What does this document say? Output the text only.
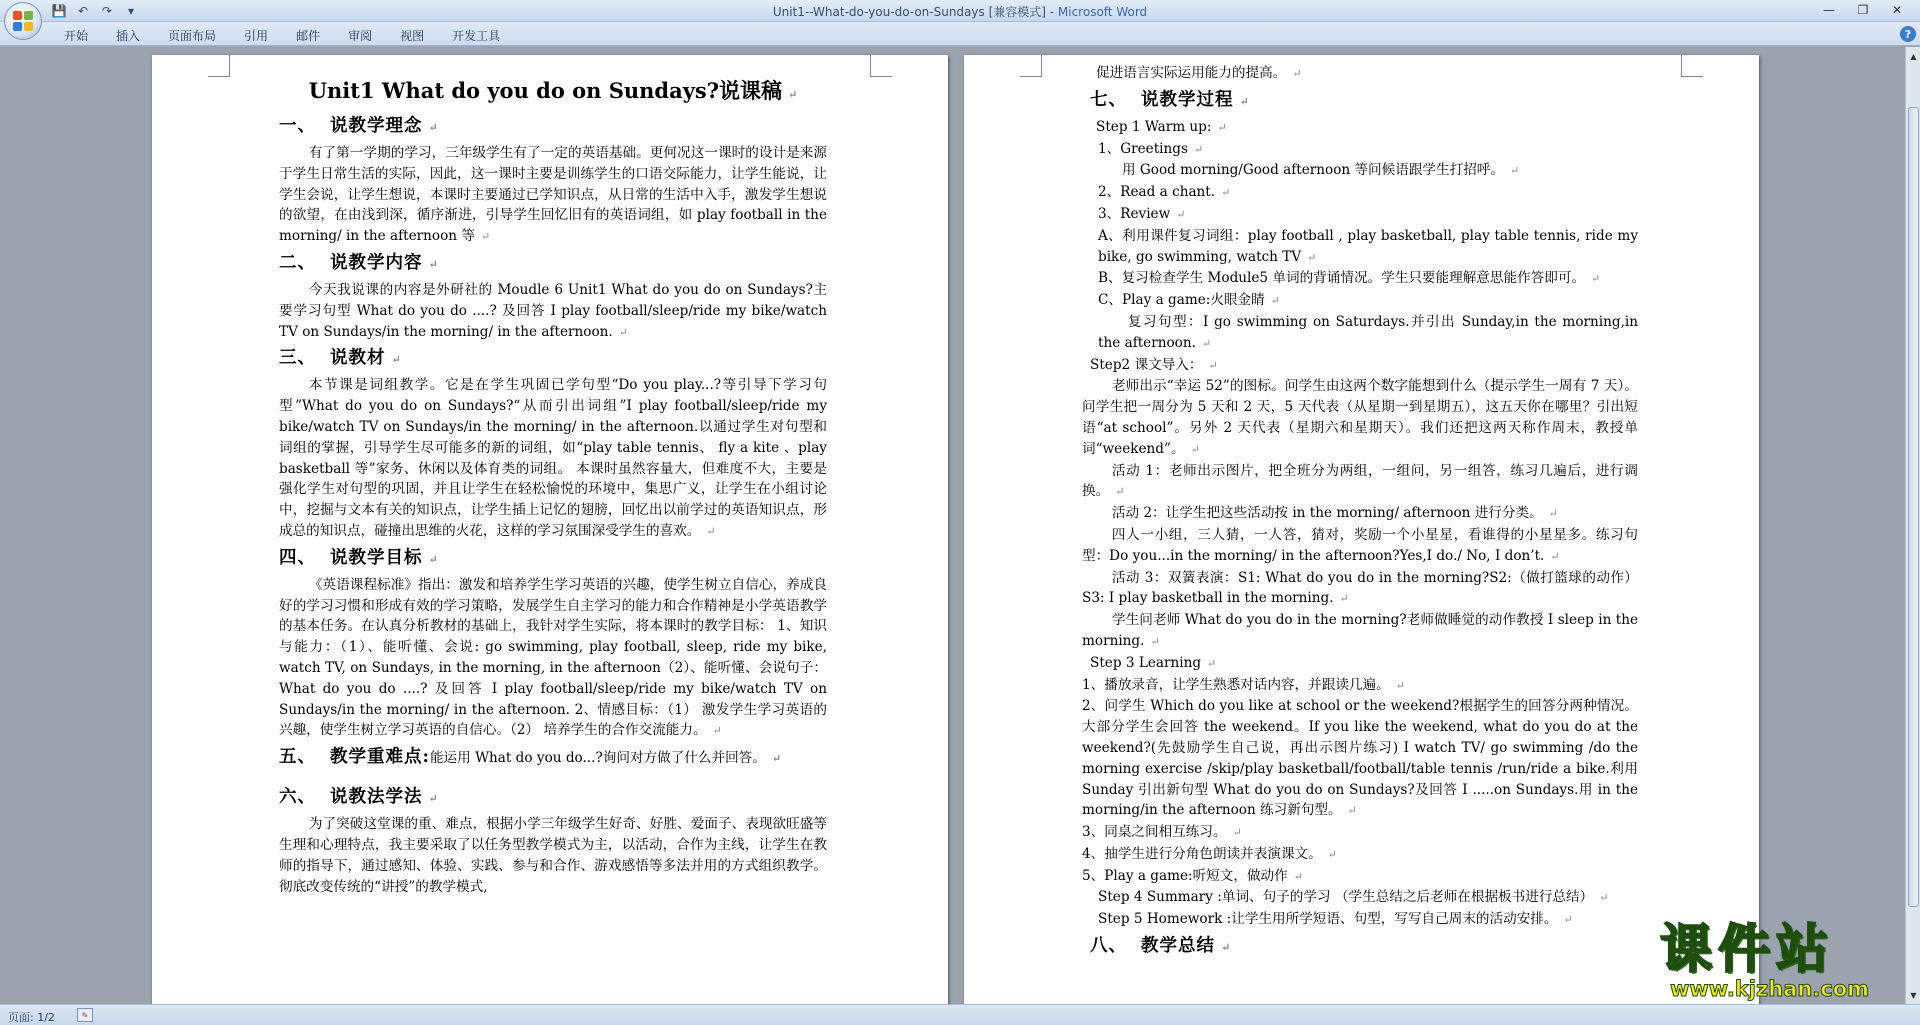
💾 ↶	↷	▾	Unit1--What-do-you-do-on-Sundays [兼容模式] - Microsoft Word	—	❐	✕
开始	插入	页面布局	引用	邮件	审阅	视图	开发工具	?

Unit1 What do you do on Sundays?说课稿 ↵

一、 说教学理念 ↵

有了第一学期的学习，三年级学生有了一定的英语基础。更何况这一课时的设计是来源于学生日常生活的实际，因此，这一课时主要是训练学生的口语交际能力，让学生能说，让学生会说，让学生想说，本课时主要通过已学知识点，从日常的生活中入手，激发学生想说的欲望，在由浅到深，循序渐进，引导学生回忆旧有的英语词组，如 play football in the morning/ in the afternoon 等 ↵

二、 说教学内容 ↵

今天我说课的内容是外研社的 Moudle 6 Unit1 What do you do on Sundays?主要学习句型 What do you do ....? 及回答 I play football/sleep/ride my bike/watch TV on Sundays/in the morning/ in the afternoon. ↵

三、 说教材 ↵

本节课是词组教学。它是在学生巩固已学句型“Do you play...?等引导下学习句型”What do you do on Sundays?“从而引出词组”I play football/sleep/ride my bike/watch TV on Sundays/in the morning/ in the afternoon.以通过学生对句型和词组的掌握，引导学生尽可能多的新的词组，如“play table tennis、 fly a kite 、play basketball 等”家务、休闲以及体育类的词组。 本课时虽然容量大，但难度不大，主要是强化学生对句型的巩固，并且让学生在轻松愉悦的环境中，集思广义，让学生在小组讨论中，挖掘与文本有关的知识点，让学生插上记忆的翅膀，回忆出以前学过的英语知识点，形成总的知识点，碰撞出思维的火花，这样的学习氛围深受学生的喜欢。 ↵

四、 说教学目标 ↵

《英语课程标准》指出：激发和培养学生学习英语的兴趣，使学生树立自信心，养成良好的学习习惯和形成有效的学习策略，发展学生自主学习的能力和合作精神是小学英语教学的基本任务。在认真分析教材的基础上，我针对学生实际，将本课时的教学目标： 1、知识与能力：（1）、能听懂、会说: go swimming, play football, sleep, ride my bike, watch TV, on Sundays, in the morning, in the afternoon（2）、能听懂、会说句子：What do you do ....? 及回答 I play football/sleep/ride my bike/watch TV on Sundays/in the morning/ in the afternoon. 2、情感目标：（1） 激发学生学习英语的兴趣，使学生树立学习英语的自信心。（2） 培养学生的合作交流能力。 ↵

五、 教学重难点:能运用 What do you do...?询问对方做了什么并回答。 ↵

六、 说教法学法 ↵

为了突破这堂课的重、难点，根据小学三年级学生好奇、好胜、爱面子、表现欲旺盛等生理和心理特点，我主要采取了以任务型教学模式为主，以活动，合作为主线，让学生在教师的指导下，通过感知、体验、实践、参与和合作、游戏感悟等多法并用的方式组织教学。彻底改变传统的“讲授”的教学模式,

促进语言实际运用能力的提高。 ↵

七、 说教学过程 ↵

Step 1 Warm up: ↵

1、Greetings ↵

用 Good morning/Good afternoon 等问候语跟学生打招呼。 ↵

2、Read a chant. ↵

3、Review ↵

A、利用课件复习词组：play football , play basketball, play table tennis, ride my bike, go swimming, watch TV ↵

B、复习检查学生 Module5 单词的背诵情况。学生只要能理解意思能作答即可。 ↵

C、Play a game:火眼金睛 ↵

复习句型：I go swimming on Saturdays.并引出 Sunday,in the morning,in the afternoon. ↵

Step2 课文导入： ↵

老师出示“幸运 52”的图标。问学生由这两个数字能想到什么（提示学生一周有 7 天）。问学生把一周分为 5 天和 2 天，5 天代表（从星期一到星期五），这五天你在哪里？引出短语“at school”。另外 2 天代表（星期六和星期天）。我们还把这两天称作周末，教授单词“weekend”。 ↵

活动 1：老师出示图片，把全班分为两组，一组问，另一组答，练习几遍后，进行调换。 ↵

活动 2：让学生把这些活动按 in the morning/ afternoon 进行分类。 ↵

四人一小组，三人猜，一人答，猜对，奖励一个小星星，看谁得的小星星多。练习句型：Do you...in the morning/ in the afternoon?Yes,I do./ No, I don’t. ↵

活动 3：双簧表演：S1: What do you do in the morning?S2:（做打篮球的动作）S3: I play basketball in the morning. ↵

学生问老师 What do you do in the morning?老师做睡觉的动作教授 I sleep in the morning. ↵

Step 3 Learning ↵

1、播放录音，让学生熟悉对话内容，并跟读几遍。 ↵

2、问学生 Which do you like at school or the weekend?根据学生的回答分两种情况。大部分学生会回答 the weekend。If you like the weekend, what do you do at the weekend?(先鼓励学生自己说，再出示图片练习) I watch TV/ go swimming /do the morning exercise /skip/play basketball/football/table tennis /run/ride a bike.利用 Sunday 引出新句型 What do you do on Sundays?及回答 I .....on Sundays.用 in the morning/in the afternoon 练习新句型。 ↵

3、同桌之间相互练习。 ↵

4、抽学生进行分角色朗读并表演课文。 ↵

5、Play a game:听短文，做动作 ↵

Step 4 Summary :单词、句子的学习 （学生总结之后老师在根据板书进行总结） ↵

Step 5 Homework :让学生用所学短语、句型，写写自己周末的活动安排。 ↵

八、 教学总结 ↵

▲
▼
页面: 1/2	✎
课件站
www.kjzhan.com
